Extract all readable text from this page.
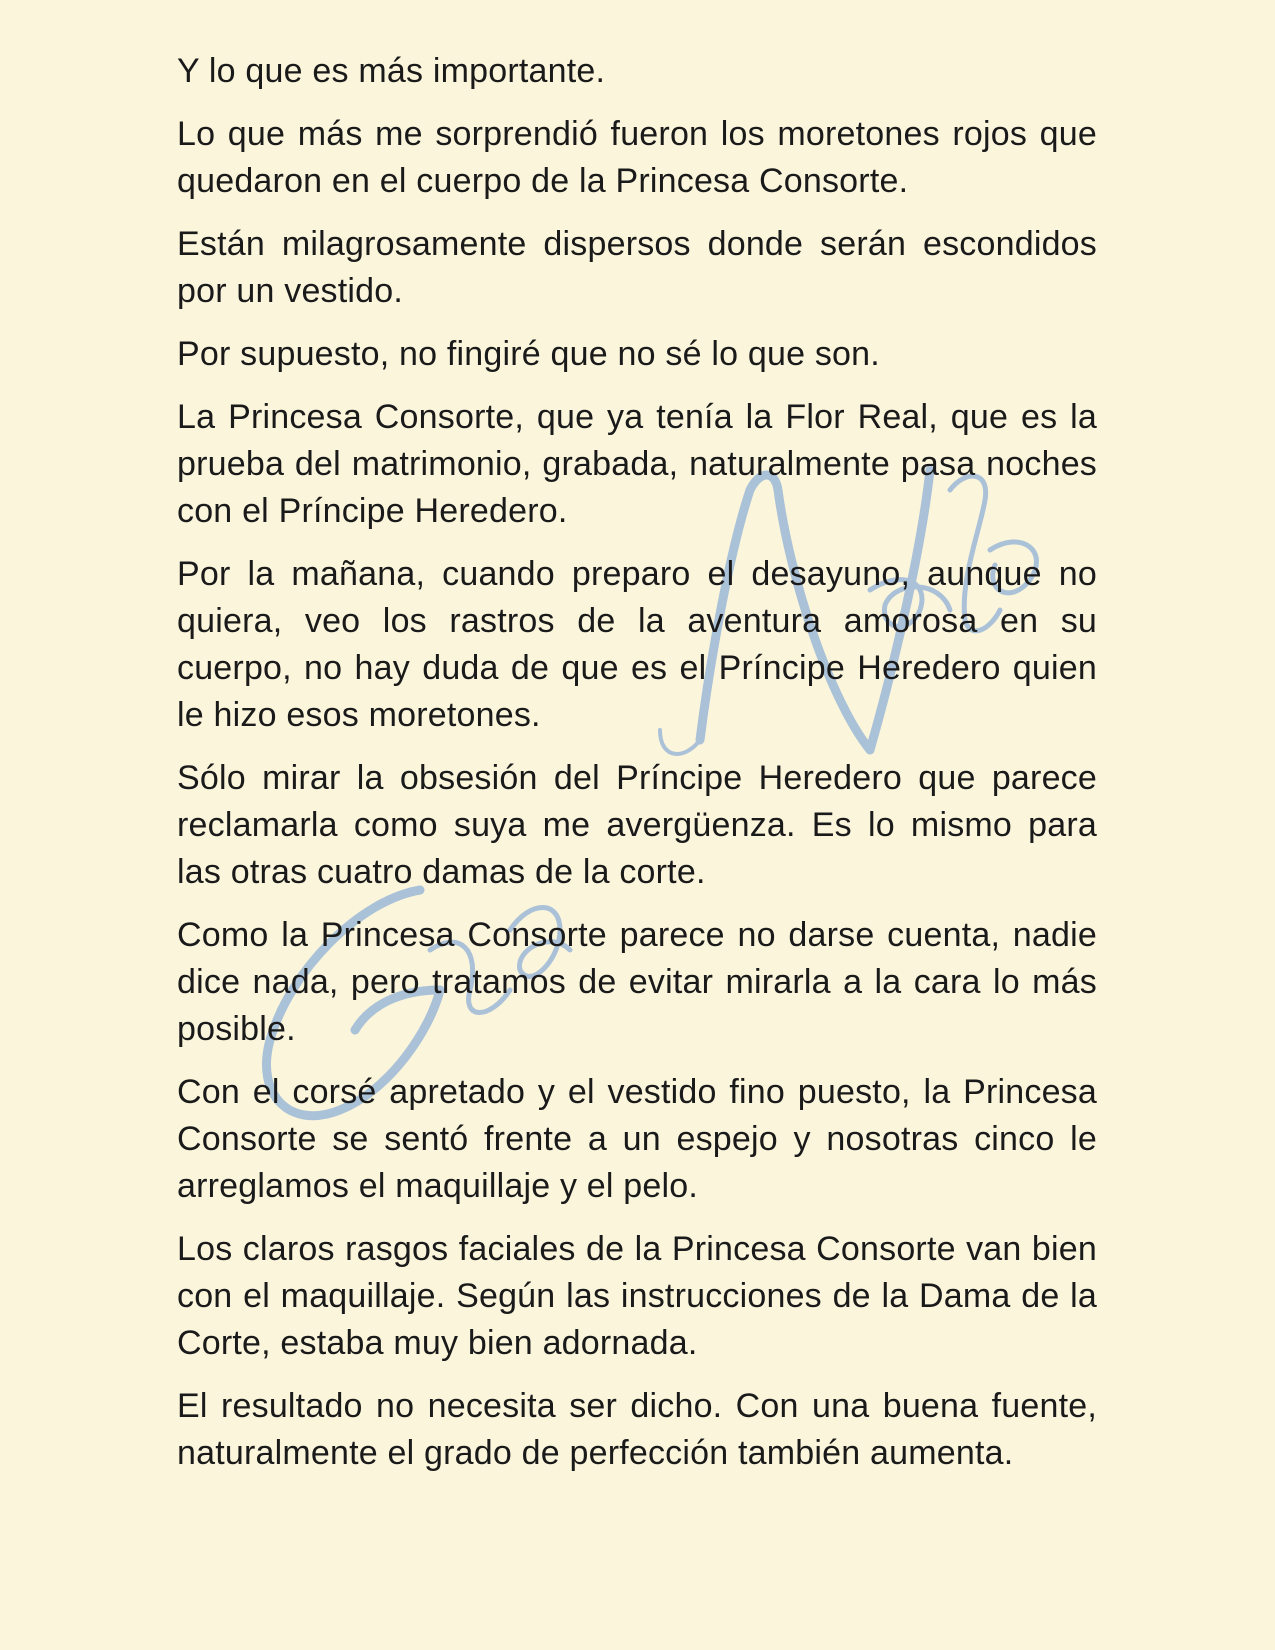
Y lo que es más importante.

Lo que más me sorprendió fueron los moretones rojos que quedaron en el cuerpo de la Princesa Consorte.

Están milagrosamente dispersos donde serán escondidos por un vestido.

Por supuesto, no fingiré que no sé lo que son.

La Princesa Consorte, que ya tenía la Flor Real, que es la prueba del matrimonio, grabada, naturalmente pasa noches con el Príncipe Heredero.

Por la mañana, cuando preparo el desayuno, aunque no quiera, veo los rastros de la aventura amorosa en su cuerpo, no hay duda de que es el Príncipe Heredero quien le hizo esos moretones.

Sólo mirar la obsesión del Príncipe Heredero que parece reclamarla como suya me avergüenza. Es lo mismo para las otras cuatro damas de la corte.

Como la Princesa Consorte parece no darse cuenta, nadie dice nada, pero tratamos de evitar mirarla a la cara lo más posible.

Con el corsé apretado y el vestido fino puesto, la Princesa Consorte se sentó frente a un espejo y nosotras cinco le arreglamos el maquillaje y el pelo.

Los claros rasgos faciales de la Princesa Consorte van bien con el maquillaje. Según las instrucciones de la Dama de la Corte, estaba muy bien adornada.

El resultado no necesita ser dicho. Con una buena fuente, naturalmente el grado de perfección también aumenta.
